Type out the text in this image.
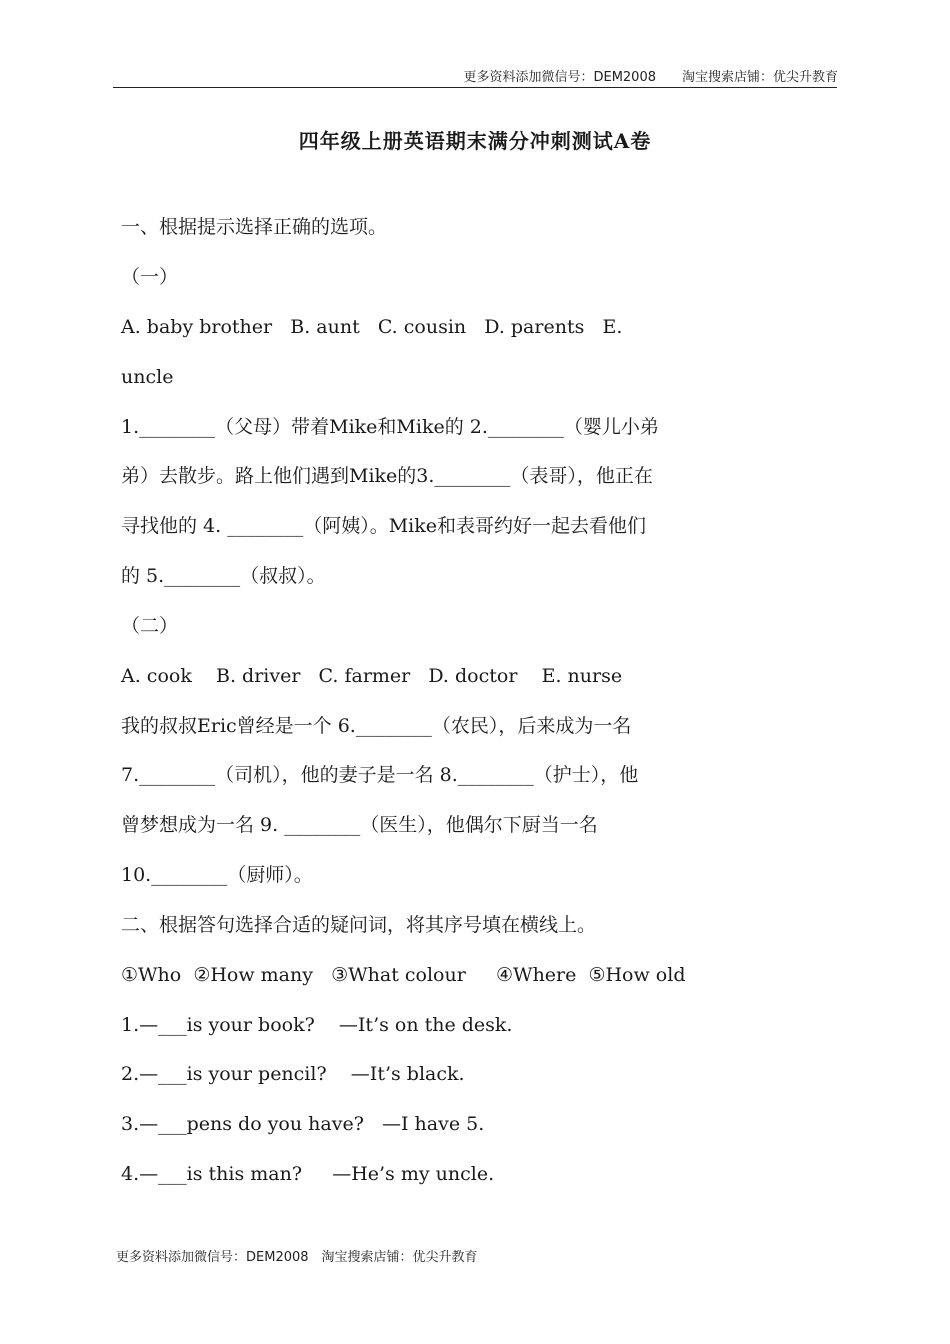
更多资料添加微信号：DEM2008　　淘宝搜索店铺：优尖升教育
四年级上册英语期末满分冲刺测试A卷
一、根据提示选择正确的选项。
（一）
A. baby brother   B. aunt   C. cousin   D. parents   E.
uncle
1.________（父母）带着Mike和Mike的 2.________（婴儿小弟
弟）去散步。路上他们遇到Mike的3.________（表哥），他正在
寻找他的 4. ________（阿姨）。Mike和表哥约好一起去看他们
的 5.________（叔叔）。
（二）
A. cook    B. driver   C. farmer   D. doctor    E. nurse
我的叔叔Eric曾经是一个 6.________（农民），后来成为一名
7.________（司机），他的妻子是一名 8.________（护士），他
曾梦想成为一名 9. ________（医生），他偶尔下厨当一名
10.________（厨师）。
二、根据答句选择合适的疑问词，将其序号填在横线上。
①Who  ②How many   ③What colour     ④Where  ⑤How old
1.—___is your book?    —It’s on the desk.
2.—___is your pencil?    —It’s black.
3.—___pens do you have?   —I have 5.
4.—___is this man?     —He’s my uncle.
更多资料添加微信号：DEM2008　淘宝搜索店铺：优尖升教育
